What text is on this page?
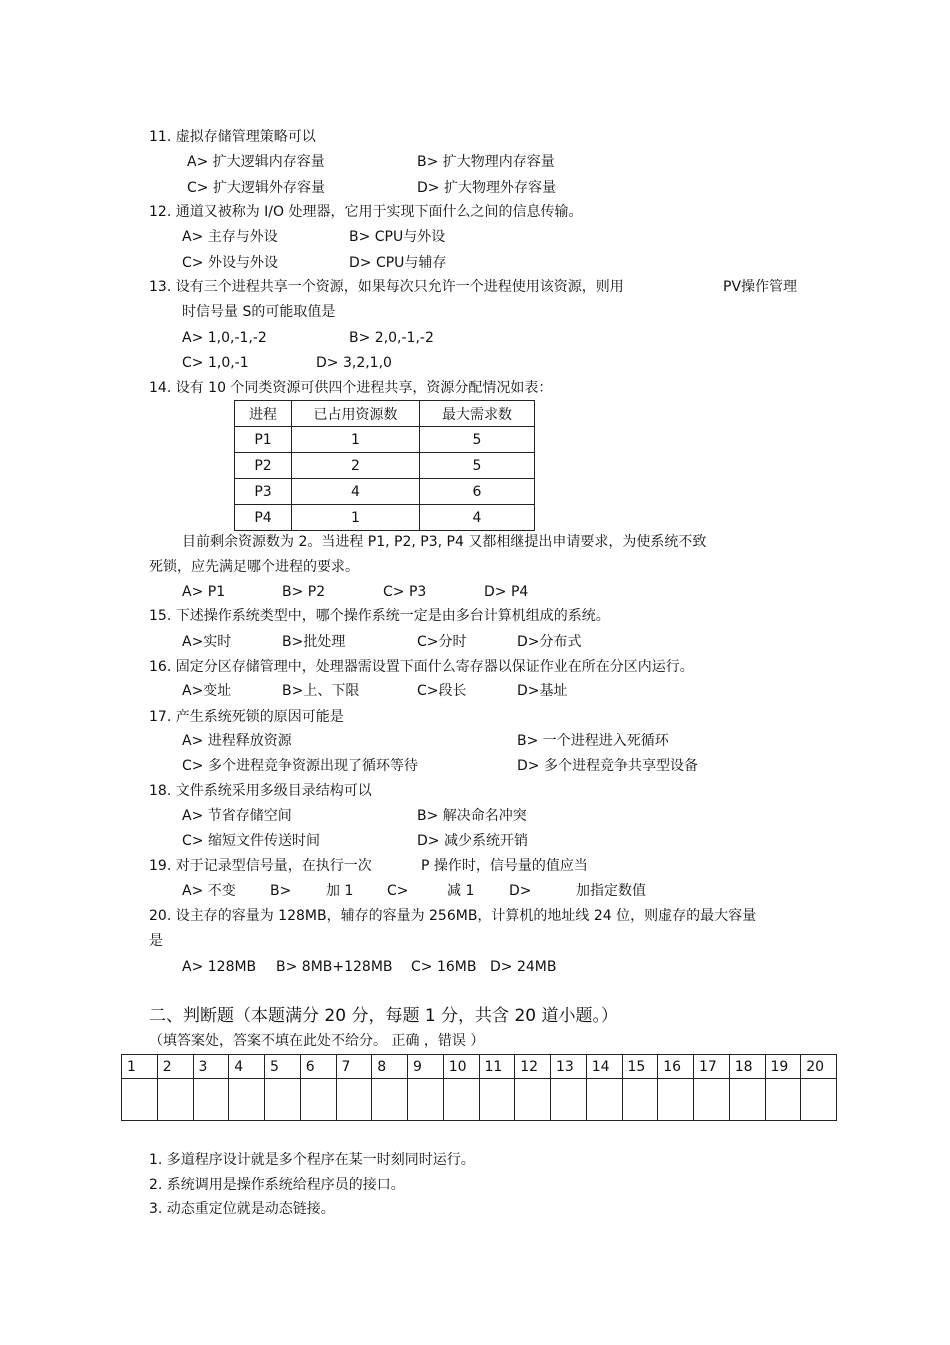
11. 虚拟存储管理策略可以
A> 扩大逻辑内存容量	B> 扩大物理内存容量
C> 扩大逻辑外存容量	D> 扩大物理外存容量
12. 通道又被称为 I/O 处理器，它用于实现下面什么之间的信息传输。
A> 主存与外设	B> CPU与外设
C> 外设与外设	D> CPU与辅存
13. 设有三个进程共享一个资源，如果每次只允许一个进程使用该资源，则用	PV操作管理
时信号量 S的可能取值是
A> 1,0,-1,-2	B> 2,0,-1,-2
C> 1,0,-1	D> 3,2,1,0
14. 设有 10 个同类资源可供四个进程共享，资源分配情况如表：
进程	已占用资源数	最大需求数
P1	1	5
P2	2	5
P3	4	6
P4	1	4
目前剩余资源数为 2。当进程 P1, P2, P3, P4 又都相继提出申请要求，为使系统不致
死锁，应先满足哪个进程的要求。
A> P1	B> P2	C> P3	D> P4
15. 下述操作系统类型中，哪个操作系统一定是由多台计算机组成的系统。
A>实时	B>批处理	C>分时	D>分布式
16. 固定分区存储管理中，处理器需设置下面什么寄存器以保证作业在所在分区内运行。
A>变址	B>上、下限	C>段长	D>基址
17. 产生系统死锁的原因可能是
A> 进程释放资源	B> 一个进程进入死循环
C> 多个进程竞争资源出现了循环等待	D> 多个进程竞争共享型设备
18. 文件系统采用多级目录结构可以
A> 节省存储空间	B> 解决命名冲突
C> 缩短文件传送时间	D> 减少系统开销
19. 对于记录型信号量，在执行一次	P 操作时，信号量的值应当
A> 不变 B> 加 1 C>	减 1 D>	加指定数值
20. 设主存的容量为 128MB，辅存的容量为 256MB，计算机的地址线 24 位，则虚存的最大容量
是
A> 128MB B> 8MB+128MB C> 16MB D> 24MB
二、判断题（本题满分 20 分，每题 1 分，共含 20 道小题。）
（填答案处，答案不填在此处不给分。 正确 ，错误 ）
1	2	3	4	5	6	7	8	9	10	11	12	13	14	15	16	17	18	19	20

1. 多道程序设计就是多个程序在某一时刻同时运行。
2. 系统调用是操作系统给程序员的接口。
3. 动态重定位就是动态链接。
